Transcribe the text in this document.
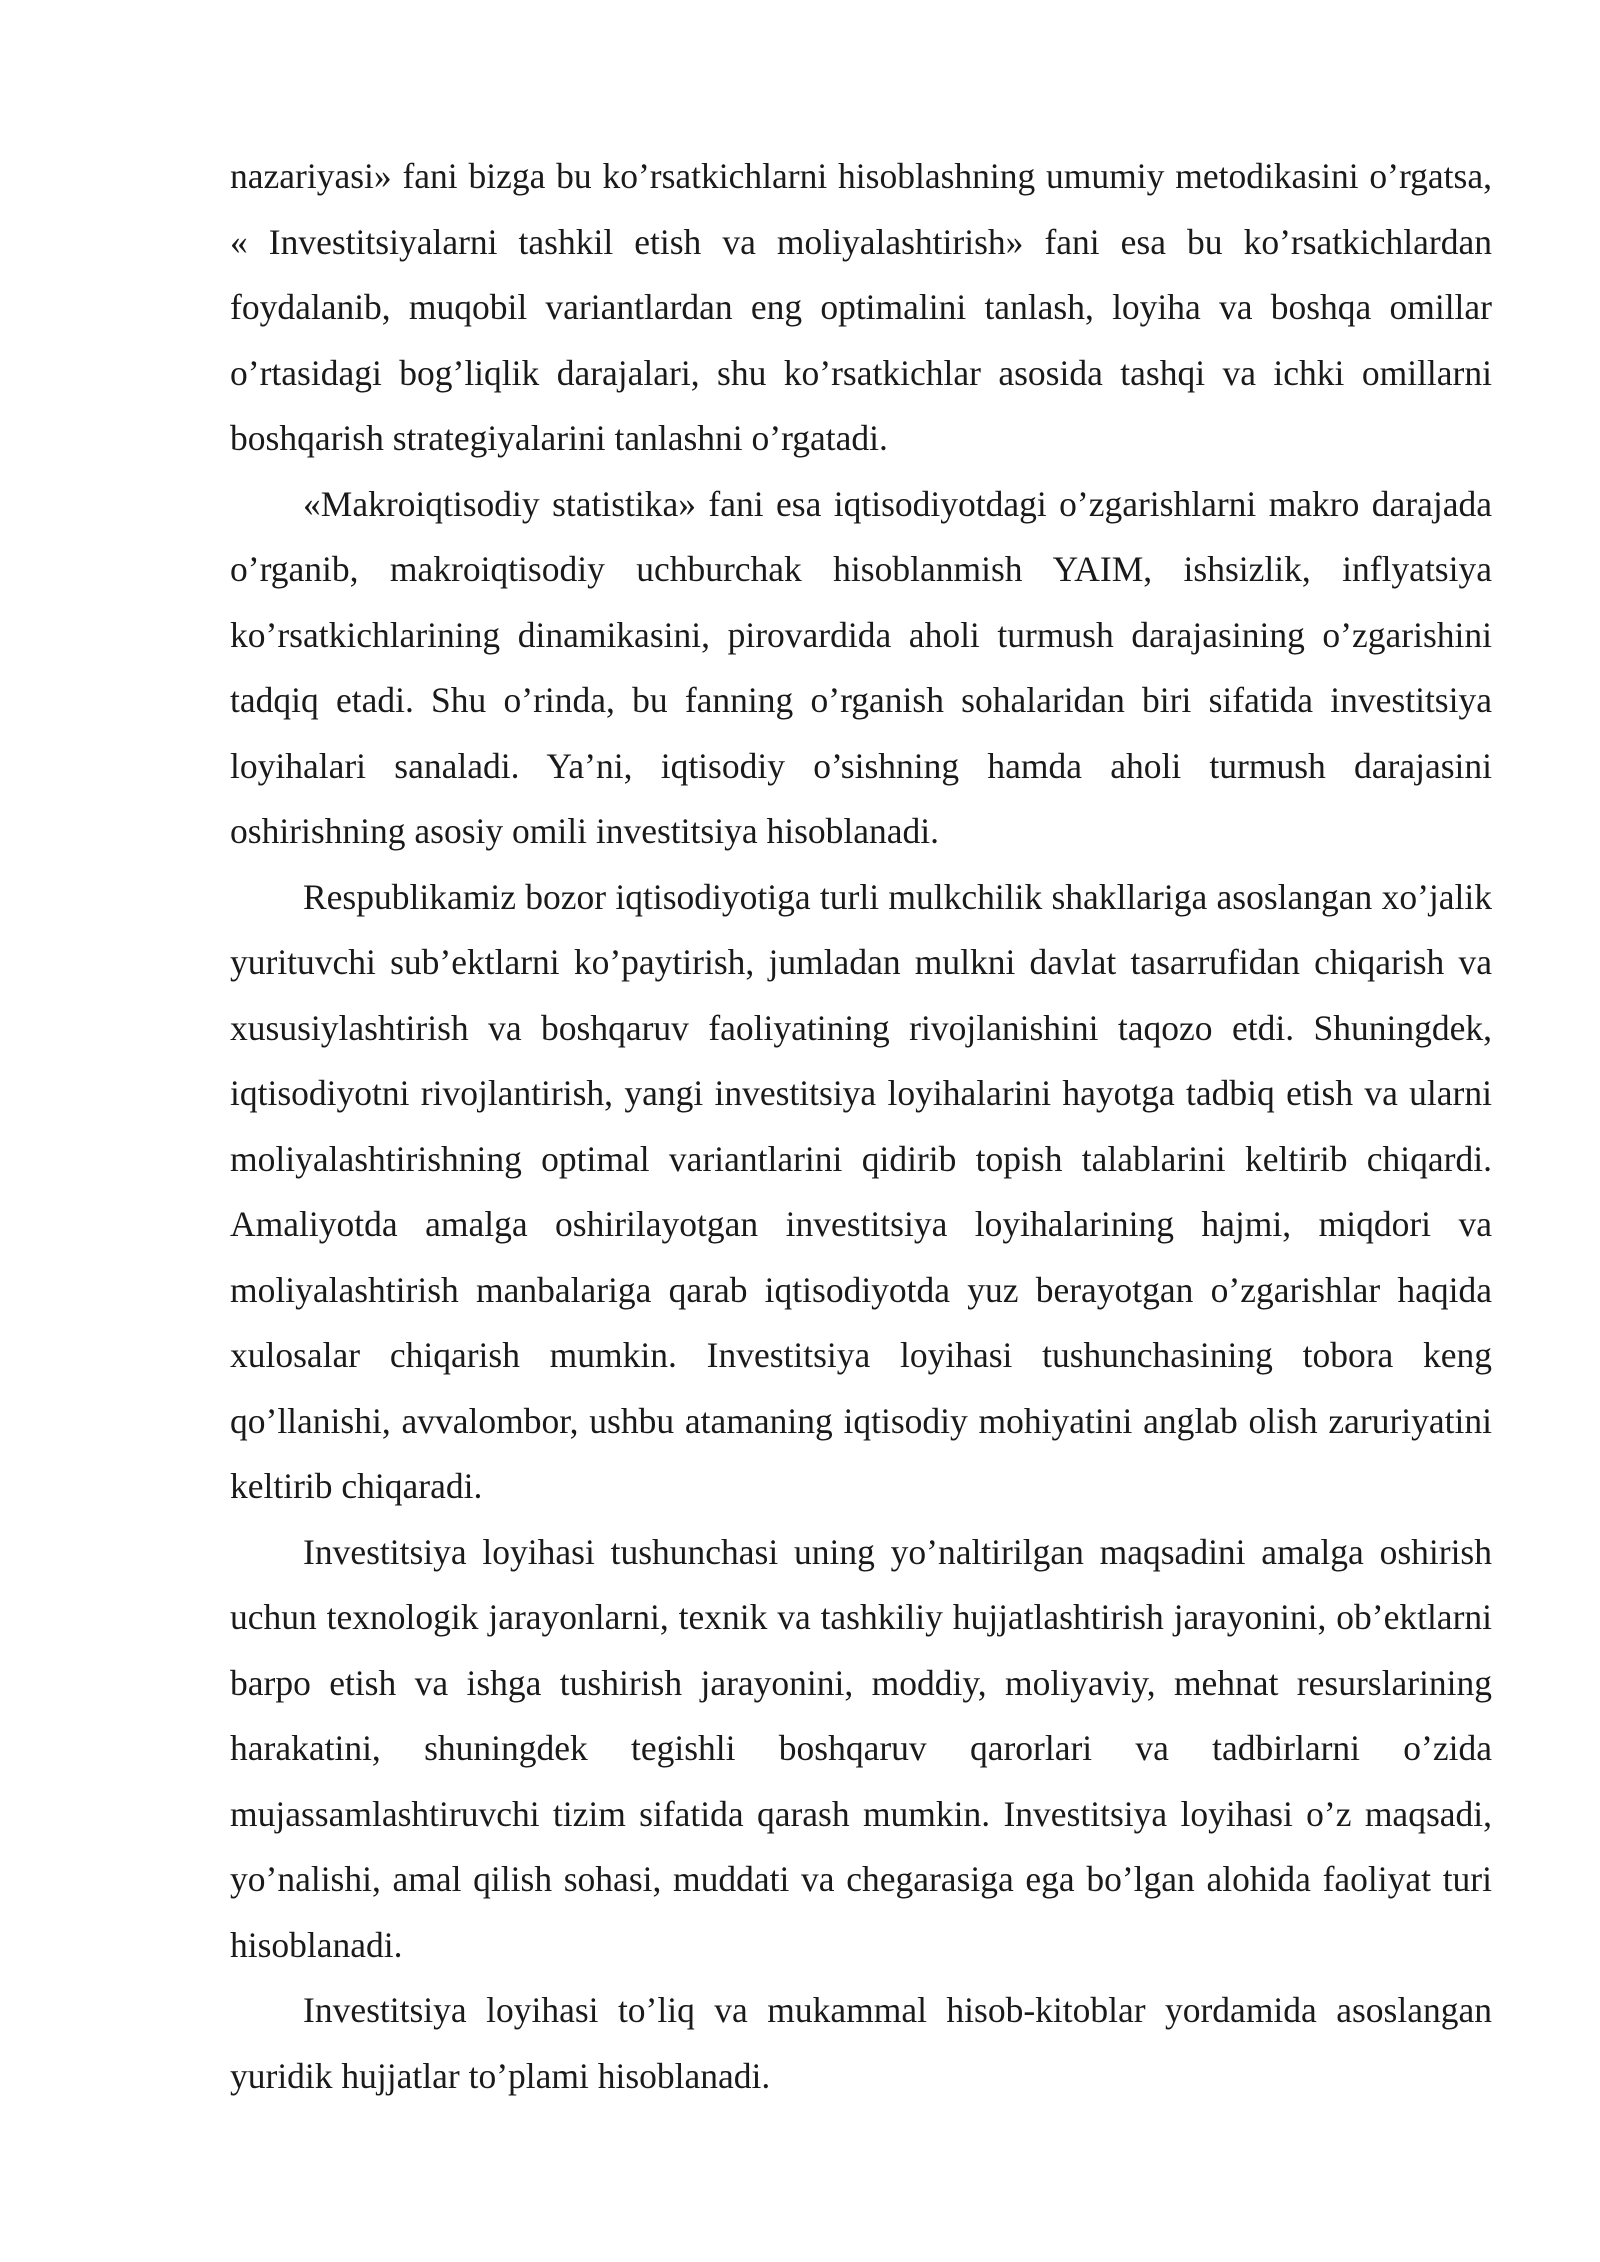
nazariyasi» fani bizga bu ko’rsatkichlarni hisoblashning umumiy metodikasini o’rgatsa, « Investitsiyalarni tashkil etish va moliyalashtirish» fani esa bu ko’rsatkichlardan foydalanib, muqobil variantlardan eng optimalini tanlash, loyiha va boshqa omillar o’rtasidagi bog’liqlik darajalari, shu ko’rsatkichlar asosida tashqi va ichki omillarni boshqarish strategiyalarini tanlashni o’rgatadi.

«Makroiqtisodiy statistika» fani esa iqtisodiyotdagi o’zgarishlarni makro darajada o’rganib, makroiqtisodiy uchburchak hisoblanmish YAIM, ishsizlik, inflyatsiya ko’rsatkichlarining dinamikasini, pirovardida aholi turmush darajasining o’zgarishini tadqiq etadi. Shu o’rinda, bu fanning o’rganish sohalaridan biri sifatida investitsiya loyihalari sanaladi. Ya’ni, iqtisodiy o’sishning hamda aholi turmush darajasini oshirishning asosiy omili investitsiya hisoblanadi.

Respublikamiz bozor iqtisodiyotiga turli mulkchilik shakllariga asoslangan xo’jalik yurituvchi sub’ektlarni ko’paytirish, jumladan mulkni davlat tasarrufidan chiqarish va xususiylashtirish va boshqaruv faoliyatining rivojlanishini taqozo etdi. Shuningdek, iqtisodiyotni rivojlantirish, yangi investitsiya loyihalarini hayotga tadbiq etish va ularni moliyalashtirishning optimal variantlarini qidirib topish talablarini keltirib chiqardi. Amaliyotda amalga oshirilayotgan investitsiya loyihalarining hajmi, miqdori va moliyalashtirish manbalariga qarab iqtisodiyotda yuz berayotgan o’zgarishlar haqida xulosalar chiqarish mumkin. Investitsiya loyihasi tushunchasining tobora keng qo’llanishi, avvalombor, ushbu atamaning iqtisodiy mohiyatini anglab olish zaruriyatini keltirib chiqaradi.

Investitsiya loyihasi tushunchasi uning yo’naltirilgan maqsadini amalga oshirish uchun texnologik jarayonlarni, texnik va tashkiliy hujjatlashtirish jarayonini, ob’ektlarni barpo etish va ishga tushirish jarayonini, moddiy, moliyaviy, mehnat resurslarining harakatini, shuningdek tegishli boshqaruv qarorlari va tadbirlarni o’zida mujassamlashtiruvchi tizim sifatida qarash mumkin. Investitsiya loyihasi o’z maqsadi, yo’nalishi, amal qilish sohasi, muddati va chegarasiga ega bo’lgan alohida faoliyat turi hisoblanadi.

Investitsiya loyihasi to’liq va mukammal hisob-kitoblar yordamida asoslangan yuridik hujjatlar to’plami hisoblanadi.
